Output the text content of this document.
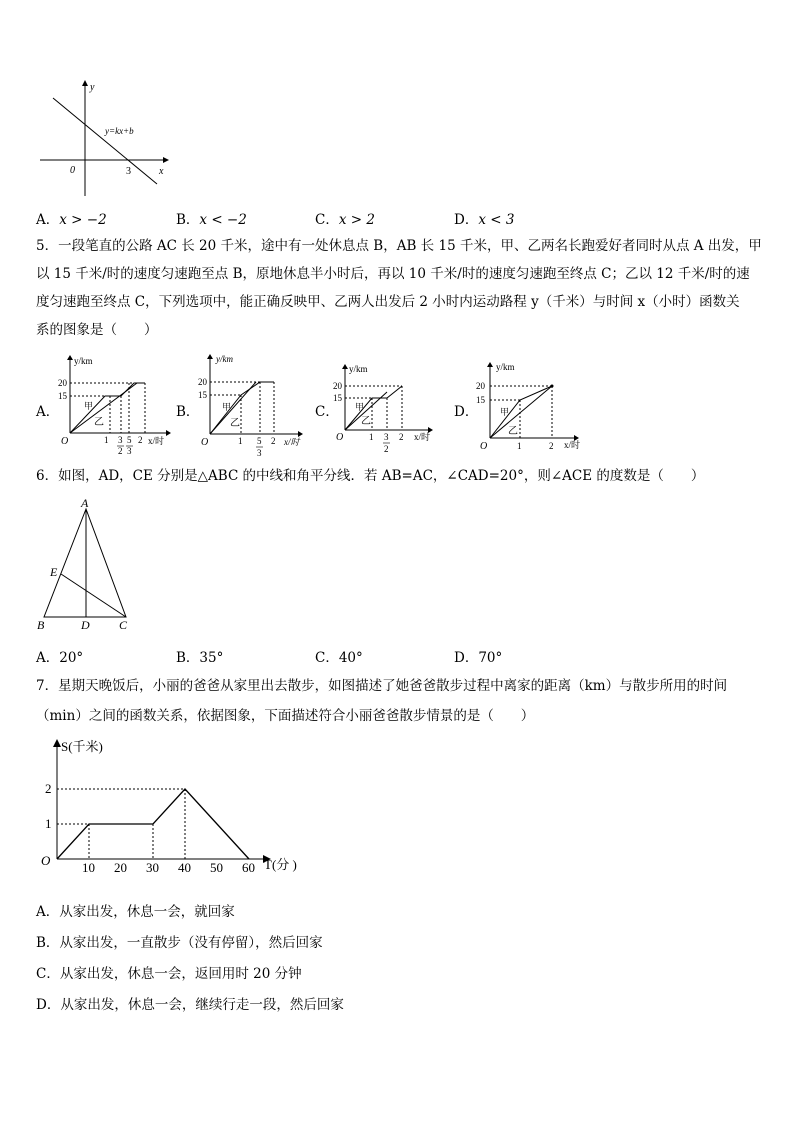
y
x
0	3
y=kx+b
A．x > −2	B．x < −2	C．x > 2	D．x < 3
5．一段笔直的公路 AC 长 20 千米，途中有一处休息点 B，AB 长 15 千米，甲、乙两名长跑爱好者同时从点 A 出发，甲
以 15 千米/时的速度匀速跑至点 B，原地休息半小时后，再以 10 千米/时的速度匀速跑至终点 C；乙以 12 千米/时的速
度匀速跑至终点 C，下列选项中，能正确反映甲、乙两人出发后 2 小时内运动路程 y（千米）与时间 x（小时）函数关
系的图象是（　　）
A．	B．	C．	D．
y/km
20
15
甲
乙
O	1 3
2
5
3
2 x/时
y/km
20
15
甲
乙
O	1 5
3
2 x/时
y/km
20
15
甲
乙
O	1 3
2
2 x/时
y/km
20
15
甲
乙
O	1	2 x/时
6．如图，AD，CE 分别是△ABC 的中线和角平分线．若 AB=AC，∠CAD=20°，则∠ACE 的度数是（　　）
A
E
B	D C
A．20°	B．35°	C．40°	D．70°
7．星期天晚饭后，小丽的爸爸从家里出去散步，如图描述了她爸爸散步过程中离家的距离（km）与散步所用的时间
（min）之间的函数关系，依据图象，下面描述符合小丽爸爸散步情景的是（　　）
S(千米)
T(分 )
O 10 20 30 40 50 60
1
2
A．从家出发，休息一会，就回家
B．从家出发，一直散步（没有停留），然后回家
C．从家出发，休息一会，返回用时 20 分钟
D．从家出发，休息一会，继续行走一段，然后回家
